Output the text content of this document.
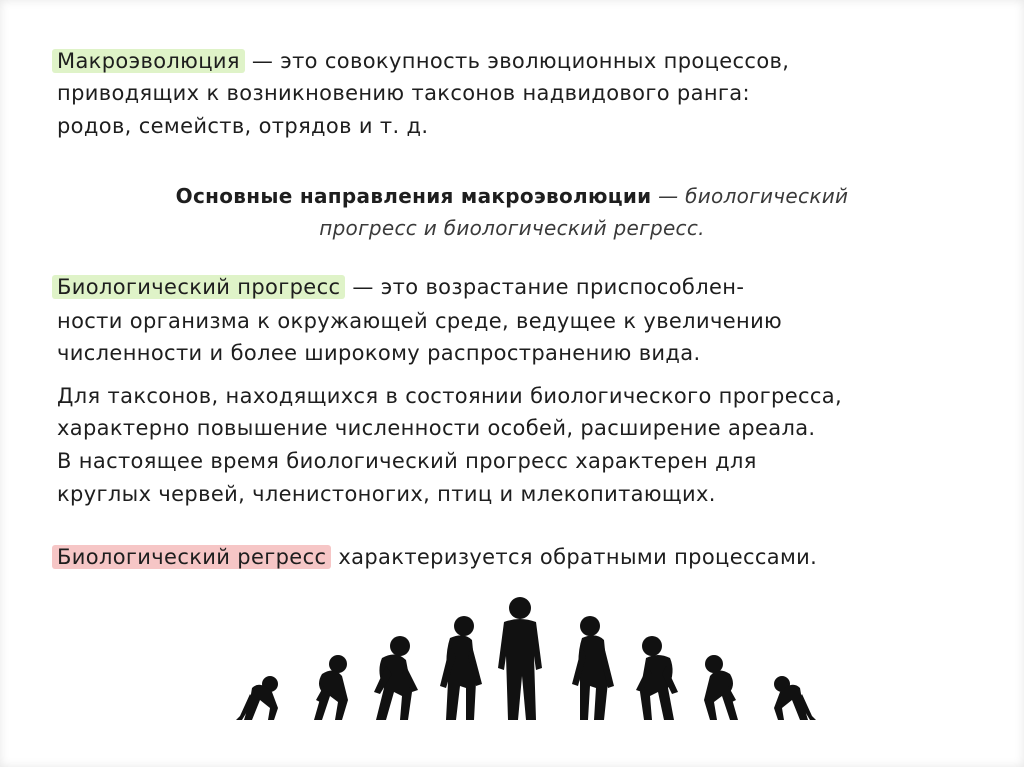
Макроэволюция — это совокупность эволюционных процессов,

приводящих к возникновению таксонов надвидового ранга:

родов, семейств, отрядов и т. д.

Основные направления макроэволюции — биологический

прогресс и биологический регресс.

Биологический прогресс — это возрастание приспособлен-

ности организма к окружающей среде, ведущее к увеличению

численности и более широкому распространению вида.

Для таксонов, находящихся в состоянии биологического прогресса,

характерно повышение численности особей, расширение ареала.

В настоящее время биологический прогресс характерен для

круглых червей, членистоногих, птиц и млекопитающих.

Биологический регресс характеризуется обратными процессами.
